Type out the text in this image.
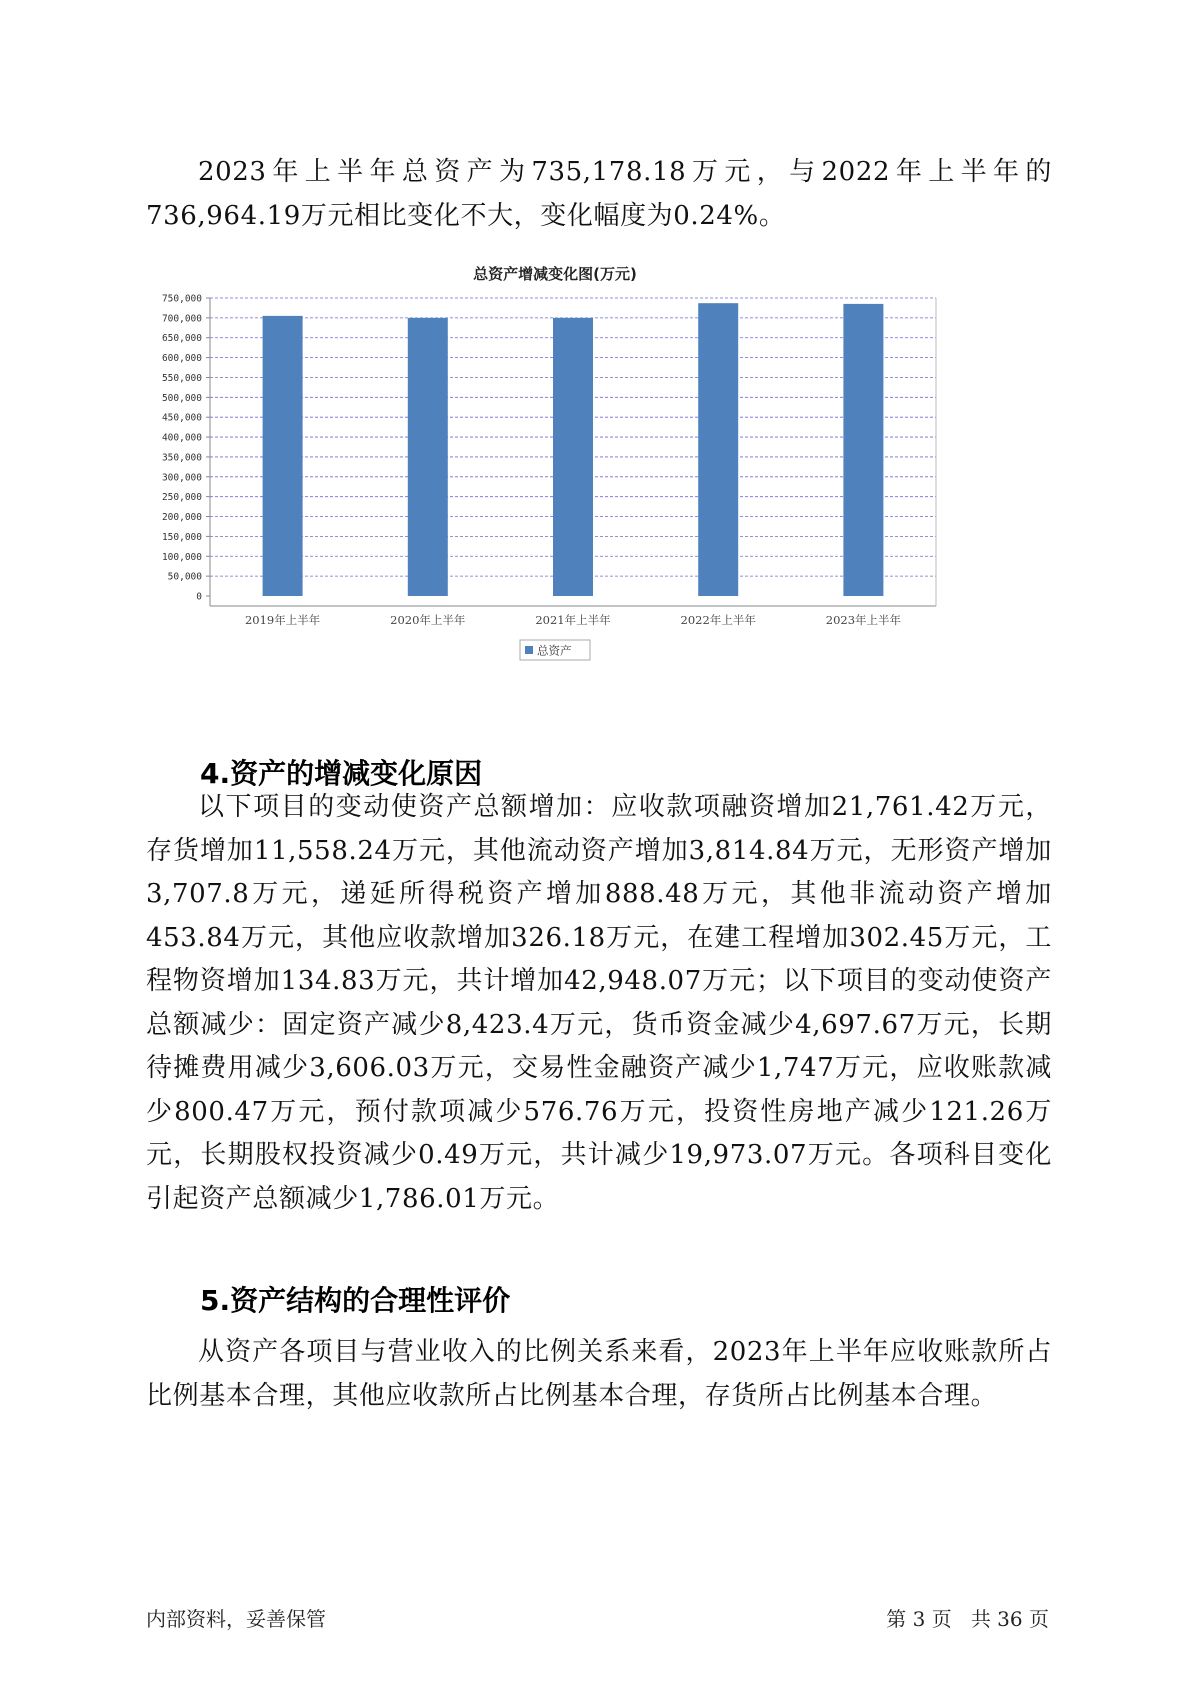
2023年上半年总资产为735,178.18万元，与2022年上半年的736,964.19万元相比变化不大，变化幅度为0.24%。

总资产增减变化图(万元)
0
50,000
100,000
150,000
200,000
250,000
300,000
350,000
400,000
450,000
500,000
550,000
600,000
650,000
700,000
750,000
2019年上半年	2020年上半年	2021年上半年	2022年上半年	2023年上半年
总资产
4.资产的增减变化原因

以下项目的变动使资产总额增加：应收款项融资增加21,761.42万元，存货增加11,558.24万元，其他流动资产增加3,814.84万元，无形资产增加3,707.8万元，递延所得税资产增加888.48万元，其他非流动资产增加453.84万元，其他应收款增加326.18万元，在建工程增加302.45万元，工程物资增加134.83万元，共计增加42,948.07万元；以下项目的变动使资产总额减少：固定资产减少8,423.4万元，货币资金减少4,697.67万元，长期待摊费用减少3,606.03万元，交易性金融资产减少1,747万元，应收账款减少800.47万元，预付款项减少576.76万元，投资性房地产减少121.26万元，长期股权投资减少0.49万元，共计减少19,973.07万元。各项科目变化引起资产总额减少1,786.01万元。

5.资产结构的合理性评价

从资产各项目与营业收入的比例关系来看，2023年上半年应收账款所占比例基本合理，其他应收款所占比例基本合理，存货所占比例基本合理。

内部资料，妥善保管	第 3 页 共 36 页
